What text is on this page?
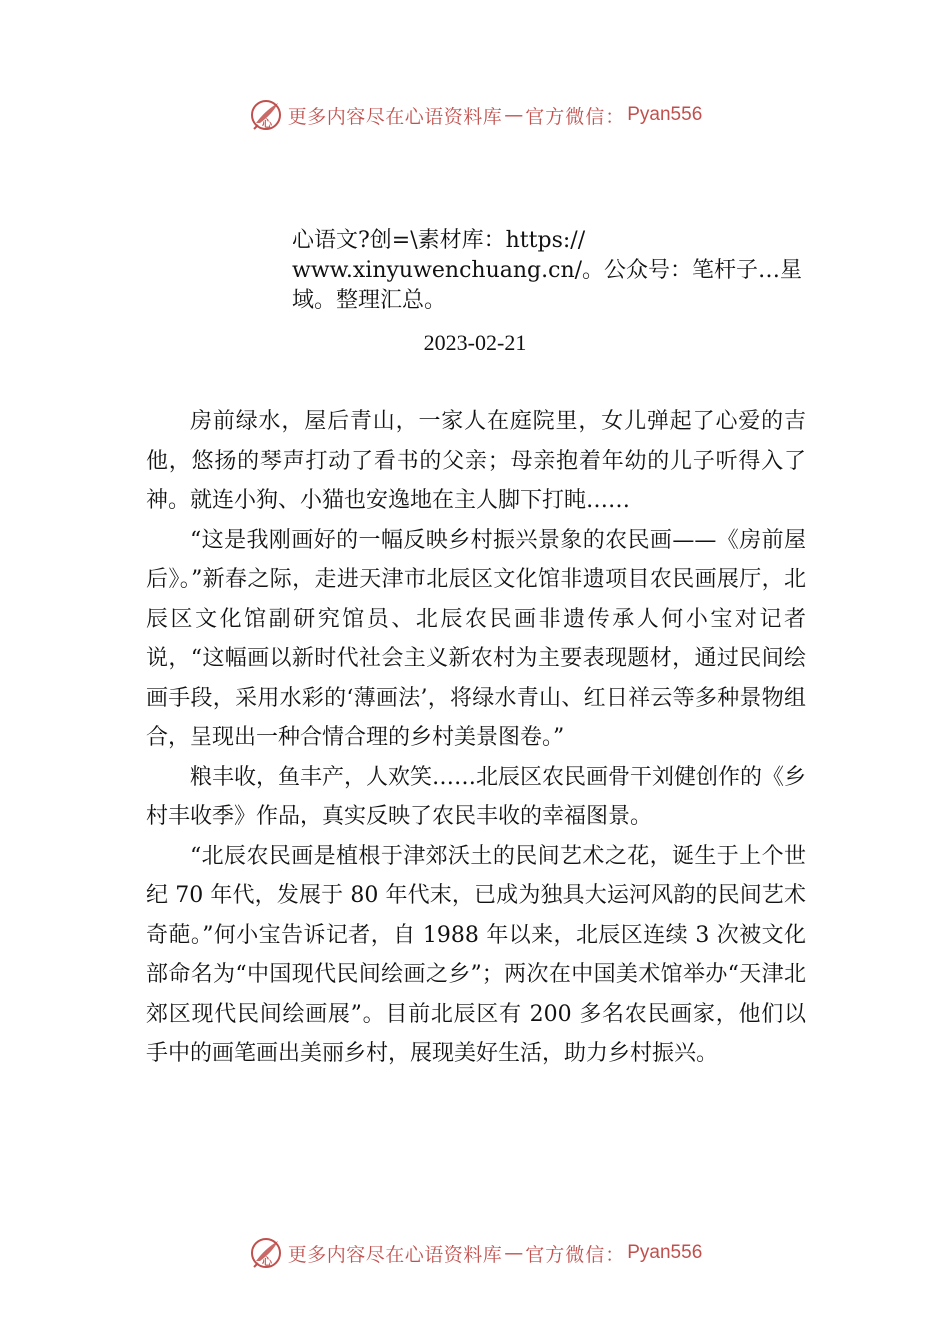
心 更多内容尽在心语资料库 — 官方微信： Pyan556
心语文?创=\素材库：https://
www.xinyuwenchuang.cn/。公众号：笔杆子…星
域。整理汇总。
2023-02-21

房前绿水，屋后青山，一家人在庭院里，女儿弹起了心爱的吉他，悠扬的琴声打动了看书的父亲；母亲抱着年幼的儿子听得入了神。就连小狗、小猫也安逸地在主人脚下打盹……

“这是我刚画好的一幅反映乡村振兴景象的农民画——《房前屋后》。”新春之际，走进天津市北辰区文化馆非遗项目农民画展厅，北辰区文化馆副研究馆员、北辰农民画非遗传承人何小宝对记者说，“这幅画以新时代社会主义新农村为主要表现题材，通过民间绘画手段，采用水彩的‘薄画法’，将绿水青山、红日祥云等多种景物组合，呈现出一种合情合理的乡村美景图卷。”

粮丰收，鱼丰产，人欢笑……北辰区农民画骨干刘健创作的《乡村丰收季》作品，真实反映了农民丰收的幸福图景。

“北辰农民画是植根于津郊沃土的民间艺术之花，诞生于上个世纪 70 年代，发展于 80 年代末，已成为独具大运河风韵的民间艺术奇葩。”何小宝告诉记者，自 1988 年以来，北辰区连续 3 次被文化部命名为“中国现代民间绘画之乡”；两次在中国美术馆举办“天津北郊区现代民间绘画展”。目前北辰区有 200 多名农民画家，他们以手中的画笔画出美丽乡村，展现美好生活，助力乡村振兴。

心 更多内容尽在心语资料库 — 官方微信： Pyan556
